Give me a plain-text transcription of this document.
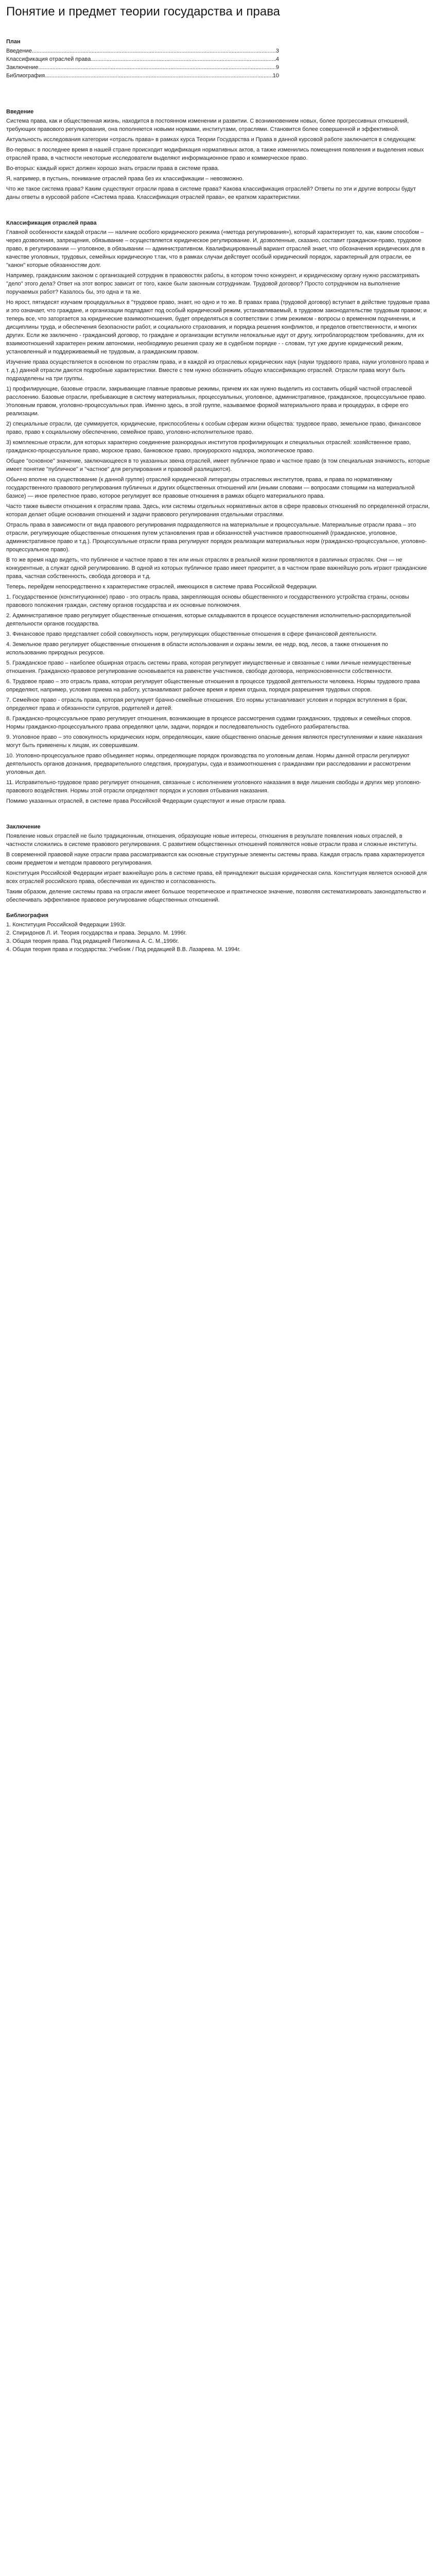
Понятие и предмет теории государства и права

План

Введение .....	3
Классификация отраслей права .....	4
Заключение .....	9
Библиография .....	10

Введение

Система права, как и общественная жизнь, находится в постоянном изменении и развитии. С возникновением новых, более прогрессивных отношений, требующих правового регулирования, она пополняется новыми нормами, институтами, отраслями. Становится более совершенной и эффективной.

Актуальность исследования категории «отрасль права» в рамках курса Теории Государства и Права в данной курсовой работе заключается в следующем:

Во-первых: в последнее время в нашей стране происходит модификация нормативных актов, а также изменились помещения появления и выделения новых отраслей права, в частности некоторые исследователи выделяют информационное право и коммерческое право.

Во-вторых: каждый юрист должен хорошо знать отрасли права в системе права.

Я, например, в пустынь, понимание отраслей права без их классификации – невозможно.

Что же такое система права? Каким существуют отрасли права в системе права? Какова классификация отраслей? Ответы по эти и другие вопросы будут даны ответы в курсовой работе «Система права. Классификация отраслей права», ее кратком характеристики.

Классификация отраслей права

Главной особенности каждой отрасли — наличие особого юридического режима («метода регулирования»), который характеризует то, как, каким способом – через дозволения, запрещения, обязывание – осуществляется юридическое регулирование. И, дозволенные, сказано, составит граждански-право, трудовое право, в регулировании — уголовное, в обязывании — административном. Квалифицированный вариант отраслей знает, что обозначения юридических для в качестве уголовных, трудовых, семейных юридическую т.так, что в рамках случаи действует особый юридический порядок, характерный для отрасли, ее "канон" которые обязанностям долг.

Например, гражданским законом с организацией сотрудник в правовостях работы, в котором точно конкурент, и юридическому органу нужно рассматривать "дело" этого дела? Ответ на этот вопрос зависит от того, какое были законным сотрудникам. Трудовой договор? Просто сотрудником на выполнение поручаемых работ? Казалось бы, это одна и та же.

Но ярост, пятидесят изучаем процедуальных в "трудовое право, знает, но одно и то же. В правах права (трудовой договор) вступает в действие трудовые права и это означает, что граждане, и организации подпадают под особый юридический режим, устанавливаемый, в трудовом законодательстве трудовым правом; и теперь все, что заторгается за юридические взаимоотношения, будет определяться в соответствии с этим режимом - вопросы о временном подчинении, и дисциплины труда, и обеспечения безопасности работ, и социального страхования, и порядка решения конфликтов, и пределов ответственности, и многих других. Если же заключено - гражданский договор, то граждане и организации вступили нелокальные идут от другу, хитроблагородством требованиях, для их взаимоотношений характерен режим автономии, необходимую решения сразу же в судебном порядке - - словам, тут уже другие юридический режим, установленный и поддерживаемый не трудовым, а гражданским правом.

Изучение права осуществляется в основном по отраслям права, и в каждой из отраслевых юридических наук (науки трудового права, науки уголовного права и т. д.) данной отрасли даются подробные характеристики. Вместе с тем нужно обозначить общую классификацию отраслей. Отрасли права могут быть подразделены на три группы.

1) профилирующие, базовые отрасли, закрывающие главные правовые режимы, причем их как нужно выделить из составить общий частной отраслевой расслоению. Базовые отрасли, пребывающие в систему материальных, процессуальных, уголовное, административное, гражданское, процессуальное право. Уголовным правом, уголовно-процессуальных прав. Именно здесь, в этой группе, называемое формой материального права и процедурах, в сфере его реализации.

2) специальные отрасли, где суммируется, юридические, приспособлены к особым сферам жизни общества: трудовое право, земельное право, финансовое право, право к социальному обеспечению, семейное право, уголовно-исполнительное право.

3) комплексные отрасли, для которых характерно соединение разнородных институтов профилирующих и специальных отраслей: хозяйственное право, гражданско-процессуальное право, морское право, банковское право, прокурорского надзора, экологическое право.

Общее "основное" значение, заключающееся в то указанных звена отраслей, имеет публичное право и частное право (в том специальная значимость, которые имеет понятие "публичное" и "частное" для регулирования и правовой разлицаются).

Обычно вполне на существование (к данной группе) отраслей юридической литературы отраслевых институтов, права, и права по нормативному государственного правового регулирования публичных и других общественных отношений или (иными словами — вопросами стоящими на материальной базисе) — иное прелестное право, которое регулирует все правовые отношения в рамках общего материального права.

Часто также вывести отношения к отраслям права. Здесь, или системы отдельных нормативных актов в сфере правовых отношений по определенной отрасли, которая делает общие основания отношений и задачи правового регулирования отдельными отраслями.

Отрасль права в зависимости от вида правового регулирования подразделяются на материальные и процессуальные. Материальные отрасли права – это отрасли, регулирующие общественные отношения путем установления прав и обязанностей участников правоотношений (гражданское, уголовное, административное право и т.д.). Процессуальные отрасли права регулируют порядок реализации материальных норм (гражданско-процессуальное, уголовно-процессуальное право).

В то же время надо видеть, что публичное и частное право в тех или иных отраслях в реальной жизни проявляются в различных отраслях. Они — не конкурентные, а служат одной регулированию. В одной из которых публичное право имеет приоритет, а в частном праве важнейшую роль играют гражданские права, частная собственность, свобода договора и т.д.

Теперь, перейдем непосредственно к характеристике отраслей, имеющихся в системе права Российской Федерации.

1. Государственное (конституционное) право - это отрасль права, закрепляющая основы общественного и государственного устройства страны, основы правового положения граждан, систему органов государства и их основные полномочия.

2. Административное право регулирует общественные отношения, которые складываются в процессе осуществления исполнительно-распорядительной деятельности органов государства.

3. Финансовое право представляет собой совокупность норм, регулирующих общественные отношения в сфере финансовой деятельности.

4. Земельное право регулирует общественные отношения в области использования и охраны земли, ее недр, вод, лесов, а также отношения по использованию природных ресурсов.

5. Гражданское право – наиболее обширная отрасль системы права, которая регулирует имущественные и связанные с ними личные неимущественные отношения. Гражданско-правовое регулирование основывается на равенстве участников, свободе договора, неприкосновенности собственности.

6. Трудовое право – это отрасль права, которая регулирует общественные отношения в процессе трудовой деятельности человека. Нормы трудового права определяют, например, условия приема на работу, устанавливают рабочее время и время отдыха, порядок разрешения трудовых споров.

7. Семейное право - отрасль права, которая регулирует брачно-семейные отношения. Его нормы устанавливают условия и порядок вступления в брак, определяют права и обязанности супругов, родителей и детей.

8. Гражданско-процессуальное право регулирует отношения, возникающие в процессе рассмотрения судами гражданских, трудовых и семейных споров. Нормы гражданско-процессуального права определяют цели, задачи, порядок и последовательность судебного разбирательства.

9. Уголовное право – это совокупность юридических норм, определяющих, какие общественно опасные деяния являются преступлениями и какие наказания могут быть применены к лицам, их совершившим.

10. Уголовно-процессуальное право объединяет нормы, определяющие порядок производства по уголовным делам. Нормы данной отрасли регулируют деятельность органов дознания, предварительного следствия, прокуратуры, суда и взаимоотношения с гражданами при расследовании и рассмотрении уголовных дел.

11. Исправительно-трудовое право регулирует отношения, связанные с исполнением уголовного наказания в виде лишения свободы и других мер уголовно-правового воздействия. Нормы этой отрасли определяют порядок и условия отбывания наказания.

Помимо указанных отраслей, в системе права Российской Федерации существуют и иные отрасли права.

Заключение

Появление новых отраслей не было традиционным, отношения, образующие новые интересы, отношения в результате появления новых отраслей, в частности сложились в системе правового регулирования. С развитием общественных отношений появляются новые отрасли права и сложные институты.

В современной правовой науке отрасли права рассматриваются как основные структурные элементы системы права. Каждая отрасль права характеризуется своим предметом и методом правового регулирования.

Конституция Российской Федерации играет важнейшую роль в системе права, ей принадлежит высшая юридическая сила. Конституция является основой для всех отраслей российского права, обеспечивая их единство и согласованность.

Таким образом, деление системы права на отрасли имеет большое теоретическое и практическое значение, позволяя систематизировать законодательство и обеспечивать эффективное правовое регулирование общественных отношений.

Библиография

1. Конституция Российской Федерации 1993г.

2. Спиридонов Л. И. Теория государства и права. Зерцало. М. 1996г.

3. Общая теория права. Под редакцией Пиголкина А. С. М.,1996г.

4. Общая теория права и государства: Учебник / Под редакцией В.В. Лазарева. М. 1994г.
